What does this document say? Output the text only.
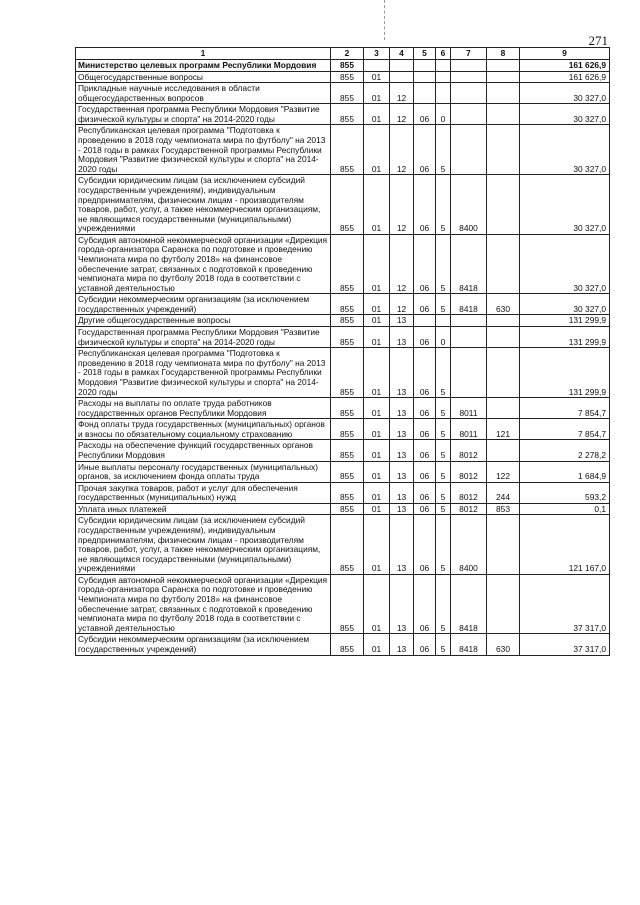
271
1	2	3	4	5	6	7	8	9
Министерство целевых программ Республики Мордовия	855							161 626,9
Общегосударственные вопросы	855	01						161 626,9
Прикладные научные исследования в области общегосударственных вопросов	855	01	12					30 327,0
Государственная программа Республики Мордовия "Развитие физической культуры и спорта" на 2014-2020 годы	855	01	12	06	0			30 327,0
Республиканская целевая программа "Подготовка к проведению в 2018 году чемпионата мира по футболу" на 2013 - 2018 годы в рамках Государственной программы Республики Мордовия "Развитие физической культуры и спорта" на 2014-2020 годы	855	01	12	06	5			30 327,0
Субсидии юридическим лицам (за исключением субсидий государственным учреждениям), индивидуальным предпринимателям, физическим лицам - производителям товаров, работ, услуг, а также некоммерческим организациям, не являющимся государственными (муниципальными) учреждениями	855	01	12	06	5	8400		30 327,0
Субсидия автономной некоммерческой организации «Дирекция города-организатора Саранска по подготовке и проведению Чемпионата мира по футболу 2018» на финансовое обеспечение затрат, связанных с подготовкой к проведению чемпионата мира по футболу 2018 года в соответствии с уставной деятельностью	855	01	12	06	5	8418		30 327,0
Субсидии некоммерческим организациям (за исключением государственных учреждений)	855	01	12	06	5	8418	630	30 327,0
Другие общегосударственные вопросы	855	01	13					131 299,9
Государственная программа Республики Мордовия "Развитие физической культуры и спорта" на 2014-2020 годы	855	01	13	06	0			131 299,9
Республиканская целевая программа "Подготовка к проведению в 2018 году чемпионата мира по футболу" на 2013 - 2018 годы в рамках Государственной программы Республики Мордовия "Развитие физической культуры и спорта" на 2014-2020 годы	855	01	13	06	5			131 299,9
Расходы на выплаты по оплате труда работников государственных органов Республики Мордовия	855	01	13	06	5	8011		7 854,7
Фонд оплаты труда государственных (муниципальных) органов и взносы по обязательному социальному страхованию	855	01	13	06	5	8011	121	7 854,7
Расходы на обеспечение функций государственных органов Республики Мордовия	855	01	13	06	5	8012		2 278,2
Иные выплаты персоналу государственных (муниципальных) органов, за исключением фонда оплаты труда	855	01	13	06	5	8012	122	1 684,9
Прочая закупка товаров, работ и услуг для обеспечения государственных (муниципальных) нужд	855	01	13	06	5	8012	244	593,2
Уплата иных платежей	855	01	13	06	5	8012	853	0,1
Субсидии юридическим лицам (за исключением субсидий государственным учреждениям), индивидуальным предпринимателям, физическим лицам - производителям товаров, работ, услуг, а также некоммерческим организациям, не являющимся государственными (муниципальными) учреждениями	855	01	13	06	5	8400		121 167,0
Субсидия автономной некоммерческой организации «Дирекция города-организатора Саранска по подготовке и проведению Чемпионата мира по футболу 2018» на финансовое обеспечение затрат, связанных с подготовкой к проведению чемпионата мира по футболу 2018 года в соответствии с уставной деятельностью	855	01	13	06	5	8418		37 317,0
Субсидии некоммерческим организациям (за исключением государственных учреждений)	855	01	13	06	5	8418	630	37 317,0
